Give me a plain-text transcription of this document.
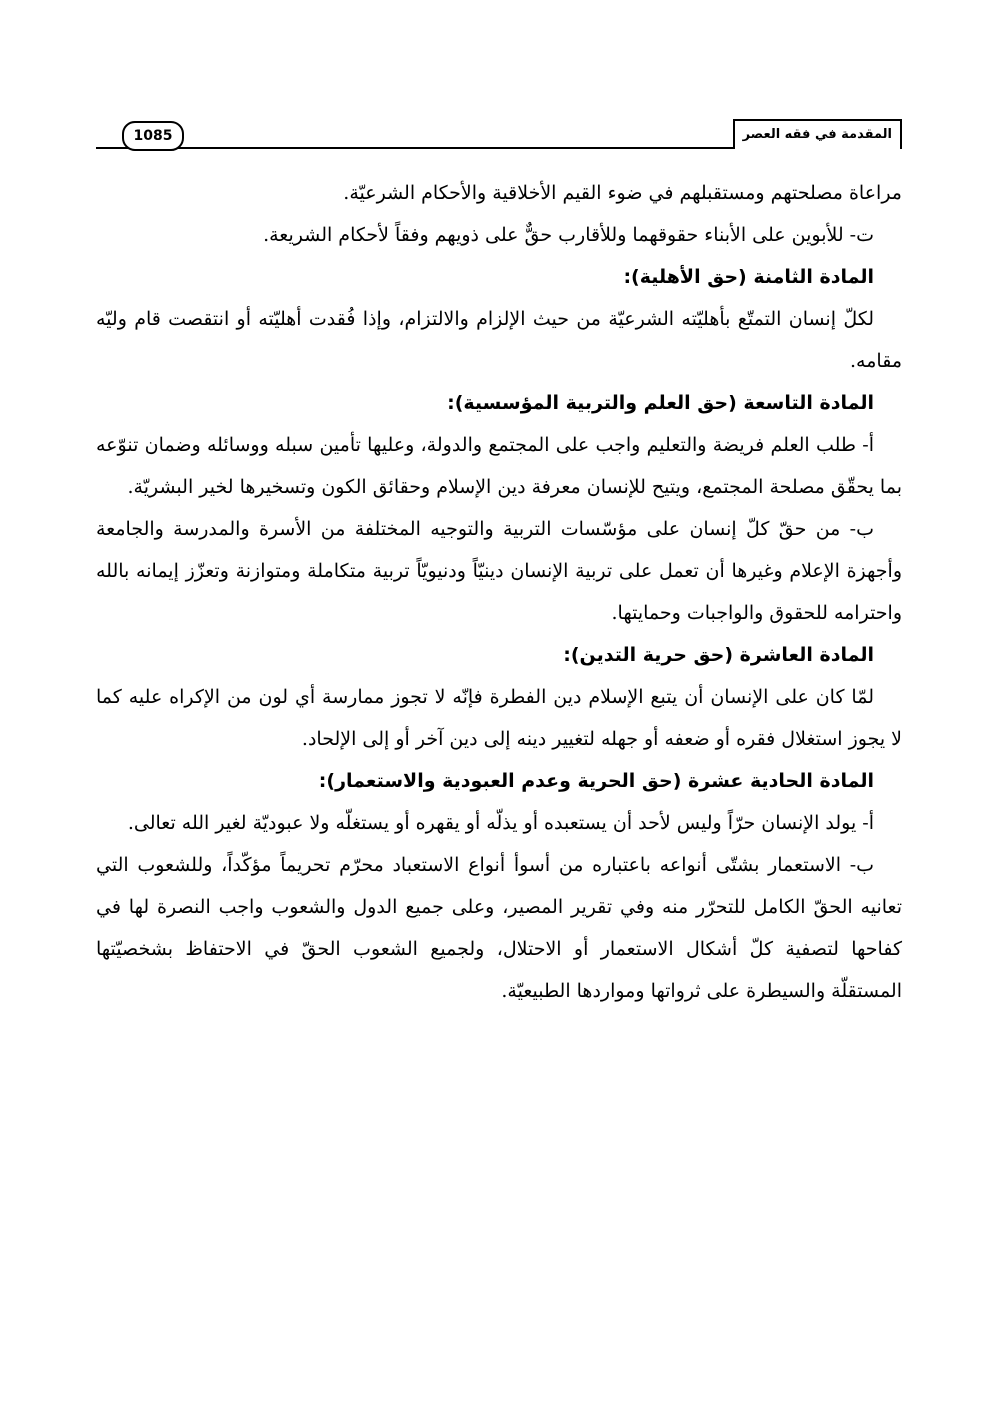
المقدمة في فقه العصر
1085

مراعاة مصلحتهم ومستقبلهم في ضوء القيم الأخلاقية والأحكام الشرعيّة.

ت- للأبوين على الأبناء حقوقهما وللأقارب حقٌّ على ذويهم وفقاً لأحكام الشريعة.

المادة الثامنة (حق الأهلية):

لكلّ إنسان التمتّع بأهليّته الشرعيّة من حيث الإلزام والالتزام، وإذا فُقدت أهليّته أو انتقصت قام وليّه مقامه.

المادة التاسعة (حق العلم والتربية المؤسسية):

أ- طلب العلم فريضة والتعليم واجب على المجتمع والدولة، وعليها تأمين سبله ووسائله وضمان تنوّعه بما يحقّق مصلحة المجتمع، ويتيح للإنسان معرفة دين الإسلام وحقائق الكون وتسخيرها لخير البشريّة.

ب- من حقّ كلّ إنسان على مؤسّسات التربية والتوجيه المختلفة من الأسرة والمدرسة والجامعة وأجهزة الإعلام وغيرها أن تعمل على تربية الإنسان دينيّاً ودنيويّاً تربية متكاملة ومتوازنة وتعزّز إيمانه بالله واحترامه للحقوق والواجبات وحمايتها.

المادة العاشرة (حق حرية التدين):

لمّا كان على الإنسان أن يتبع الإسلام دين الفطرة فإنّه لا تجوز ممارسة أي لون من الإكراه عليه كما لا يجوز استغلال فقره أو ضعفه أو جهله لتغيير دينه إلى دين آخر أو إلى الإلحاد.

المادة الحادية عشرة (حق الحرية وعدم العبودية والاستعمار):

أ- يولد الإنسان حرّاً وليس لأحد أن يستعبده أو يذلّه أو يقهره أو يستغلّه ولا عبوديّة لغير الله تعالى.

ب- الاستعمار بشتّى أنواعه باعتباره من أسوأ أنواع الاستعباد محرّم تحريماً مؤكّداً، وللشعوب التي تعانيه الحقّ الكامل للتحرّر منه وفي تقرير المصير، وعلى جميع الدول والشعوب واجب النصرة لها في كفاحها لتصفية كلّ أشكال الاستعمار أو الاحتلال، ولجميع الشعوب الحقّ في الاحتفاظ بشخصيّتها المستقلّة والسيطرة على ثرواتها ومواردها الطبيعيّة.
